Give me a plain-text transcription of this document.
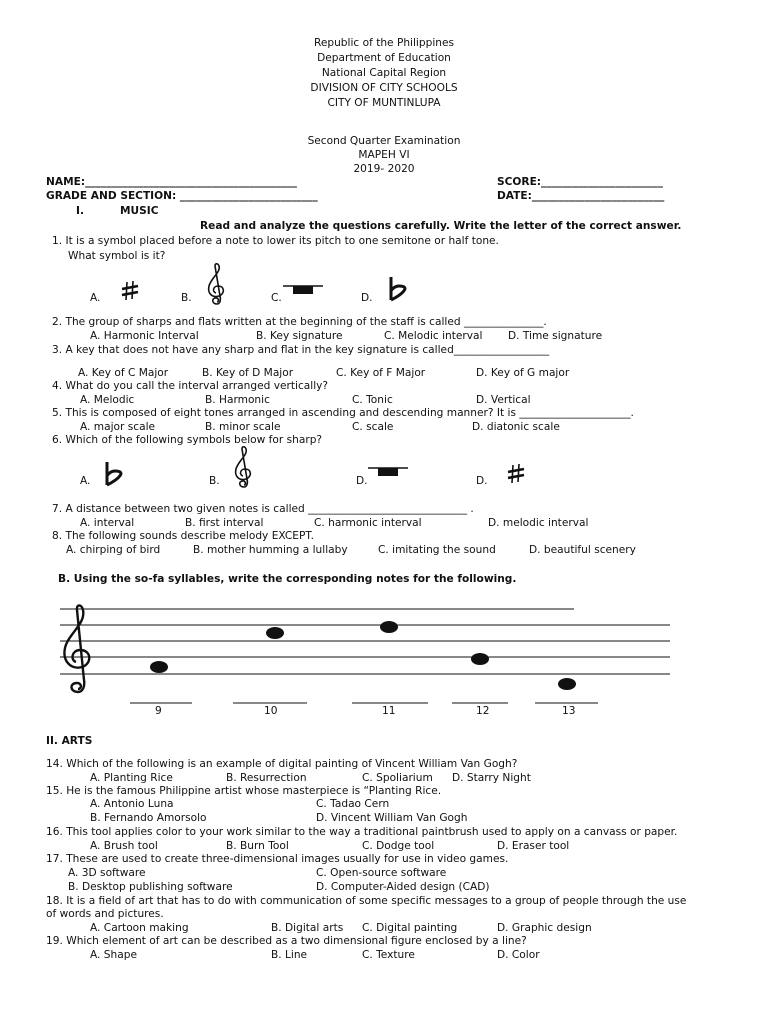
Republic of the Philippines
Department of Education
National Capital Region
DIVISION OF CITY SCHOOLS
CITY OF MUNTINLUPA
Second Quarter Examination
MAPEH VI
2019- 2020
NAME:________________________________________	SCORE:_______________________
GRADE AND SECTION: __________________________	DATE:_________________________
I.	MUSIC
Read and analyze the questions carefully. Write the letter of the correct answer.
1. It is a symbol placed before a note to lower its pitch to one semitone or half tone.
What symbol is it?
A.	B.	C.	D.
2. The group of sharps and flats written at the beginning of the staff is called _______________.
A. Harmonic Interval	B. Key signature	C. Melodic interval D. Time signature
3. A key that does not have any sharp and flat in the key signature is called__________________
A. Key of C Major	B. Key of D Major	C. Key of F Major	D. Key of G major
4. What do you call the interval arranged vertically?
A. Melodic	B. Harmonic	C. Tonic	D. Vertical
5. This is composed of eight tones arranged in ascending and descending manner? It is _____________________.
A. major scale	B. minor scale	C. scale	D. diatonic scale
6. Which of the following symbols below for sharp?
A.	B.	D.	D.
7. A distance between two given notes is called ______________________________ .
A. interval	B. first interval	C. harmonic interval	D. melodic interval
8. The following sounds describe melody EXCEPT.
A. chirping of bird	B. mother humming a lullaby	C. imitating the sound	D. beautiful scenery
B. Using the so-fa syllables, write the corresponding notes for the following.
9	10	11	12	13
II. ARTS
14. Which of the following is an example of digital painting of Vincent William Van Gogh?
A. Planting Rice	B. Resurrection	C. Spoliarium D. Starry Night
15. He is the famous Philippine artist whose masterpiece is “Planting Rice.
A. Antonio Luna	C. Tadao Cern
B. Fernando Amorsolo	D. Vincent William Van Gogh
16. This tool applies color to your work similar to the way a traditional paintbrush used to apply on a canvass or paper.
A. Brush tool	B. Burn Tool	C. Dodge tool	D. Eraser tool
17. These are used to create three-dimensional images usually for use in video games.
A. 3D software	C. Open-source software
B. Desktop publishing software	D. Computer-Aided design (CAD)
18. It is a field of art that has to do with communication of some specific messages to a group of people through the use
of words and pictures.
A. Cartoon making	B. Digital arts C. Digital painting	D. Graphic design
19. Which element of art can be described as a two dimensional figure enclosed by a line?
A. Shape	B. Line	C. Texture	D. Color
